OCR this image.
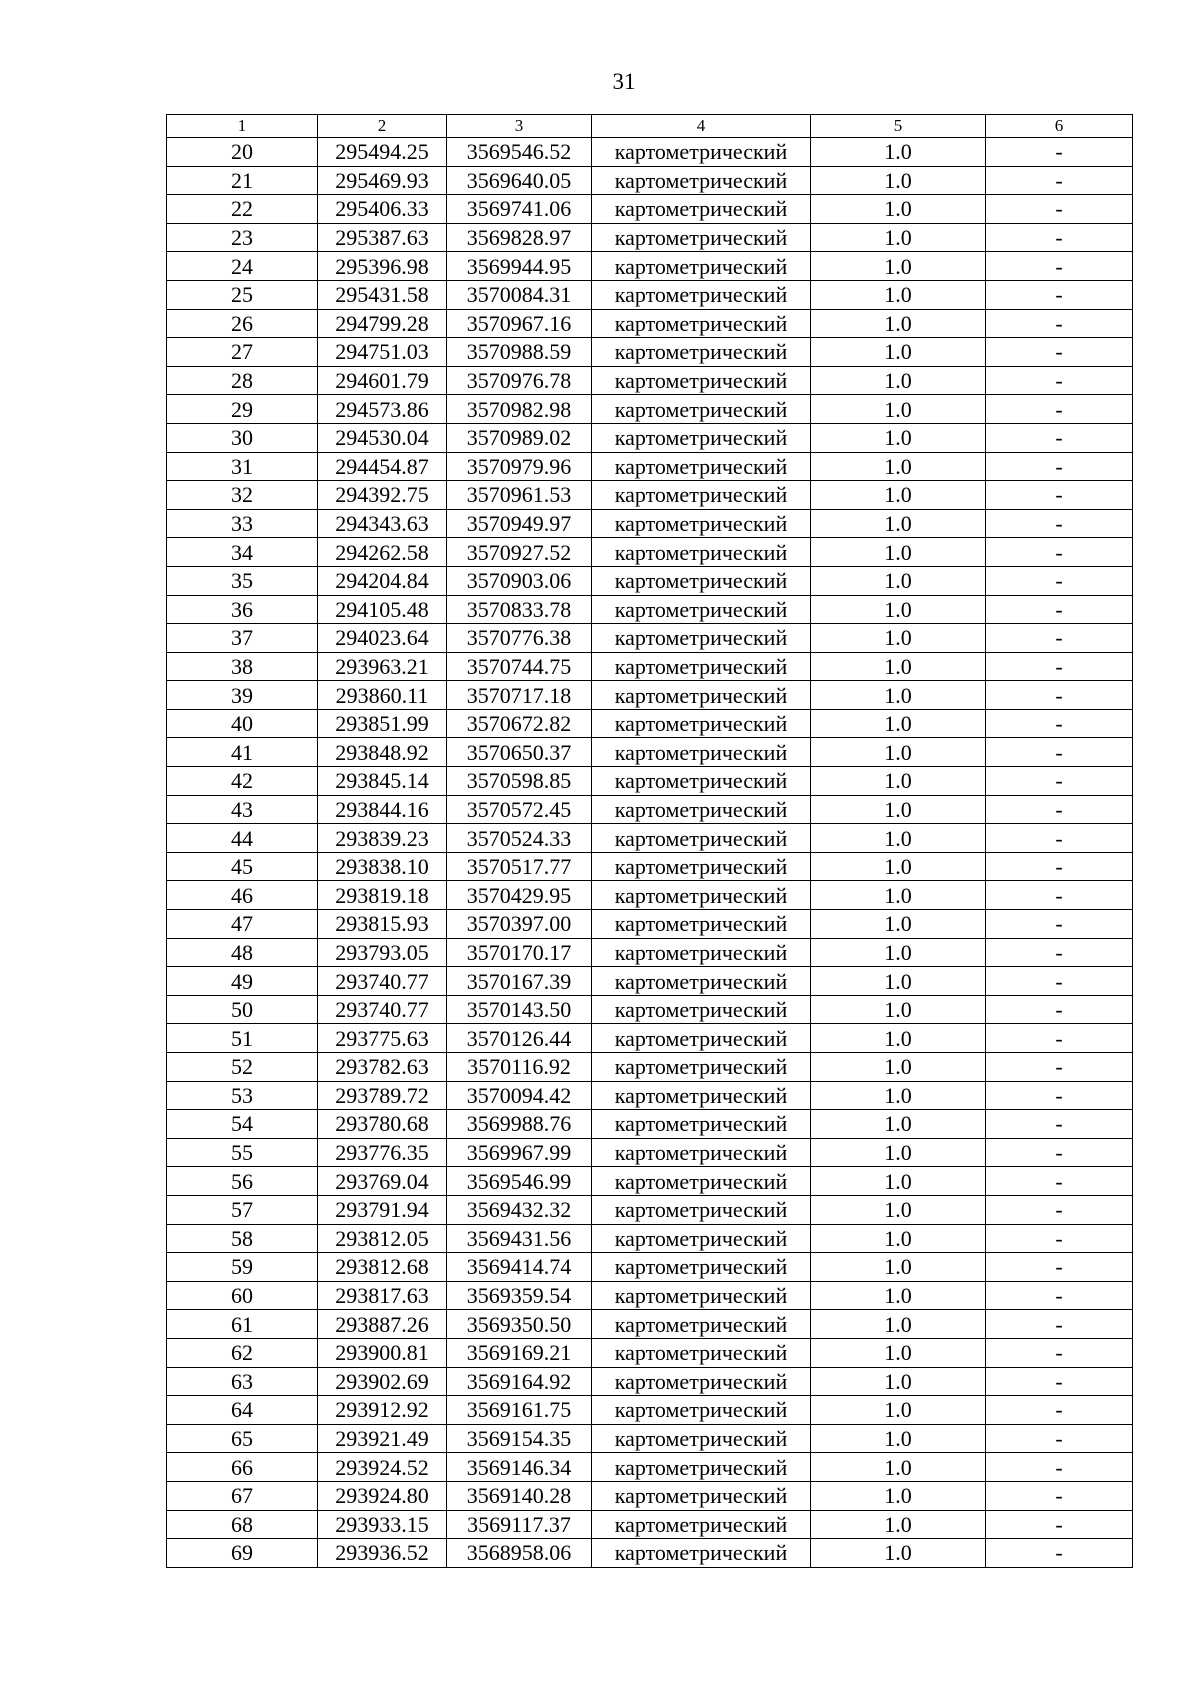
31
1	2	3	4	5	6
20	295494.25	3569546.52	картометрический	1.0	-
21	295469.93	3569640.05	картометрический	1.0	-
22	295406.33	3569741.06	картометрический	1.0	-
23	295387.63	3569828.97	картометрический	1.0	-
24	295396.98	3569944.95	картометрический	1.0	-
25	295431.58	3570084.31	картометрический	1.0	-
26	294799.28	3570967.16	картометрический	1.0	-
27	294751.03	3570988.59	картометрический	1.0	-
28	294601.79	3570976.78	картометрический	1.0	-
29	294573.86	3570982.98	картометрический	1.0	-
30	294530.04	3570989.02	картометрический	1.0	-
31	294454.87	3570979.96	картометрический	1.0	-
32	294392.75	3570961.53	картометрический	1.0	-
33	294343.63	3570949.97	картометрический	1.0	-
34	294262.58	3570927.52	картометрический	1.0	-
35	294204.84	3570903.06	картометрический	1.0	-
36	294105.48	3570833.78	картометрический	1.0	-
37	294023.64	3570776.38	картометрический	1.0	-
38	293963.21	3570744.75	картометрический	1.0	-
39	293860.11	3570717.18	картометрический	1.0	-
40	293851.99	3570672.82	картометрический	1.0	-
41	293848.92	3570650.37	картометрический	1.0	-
42	293845.14	3570598.85	картометрический	1.0	-
43	293844.16	3570572.45	картометрический	1.0	-
44	293839.23	3570524.33	картометрический	1.0	-
45	293838.10	3570517.77	картометрический	1.0	-
46	293819.18	3570429.95	картометрический	1.0	-
47	293815.93	3570397.00	картометрический	1.0	-
48	293793.05	3570170.17	картометрический	1.0	-
49	293740.77	3570167.39	картометрический	1.0	-
50	293740.77	3570143.50	картометрический	1.0	-
51	293775.63	3570126.44	картометрический	1.0	-
52	293782.63	3570116.92	картометрический	1.0	-
53	293789.72	3570094.42	картометрический	1.0	-
54	293780.68	3569988.76	картометрический	1.0	-
55	293776.35	3569967.99	картометрический	1.0	-
56	293769.04	3569546.99	картометрический	1.0	-
57	293791.94	3569432.32	картометрический	1.0	-
58	293812.05	3569431.56	картометрический	1.0	-
59	293812.68	3569414.74	картометрический	1.0	-
60	293817.63	3569359.54	картометрический	1.0	-
61	293887.26	3569350.50	картометрический	1.0	-
62	293900.81	3569169.21	картометрический	1.0	-
63	293902.69	3569164.92	картометрический	1.0	-
64	293912.92	3569161.75	картометрический	1.0	-
65	293921.49	3569154.35	картометрический	1.0	-
66	293924.52	3569146.34	картометрический	1.0	-
67	293924.80	3569140.28	картометрический	1.0	-
68	293933.15	3569117.37	картометрический	1.0	-
69	293936.52	3568958.06	картометрический	1.0	-
